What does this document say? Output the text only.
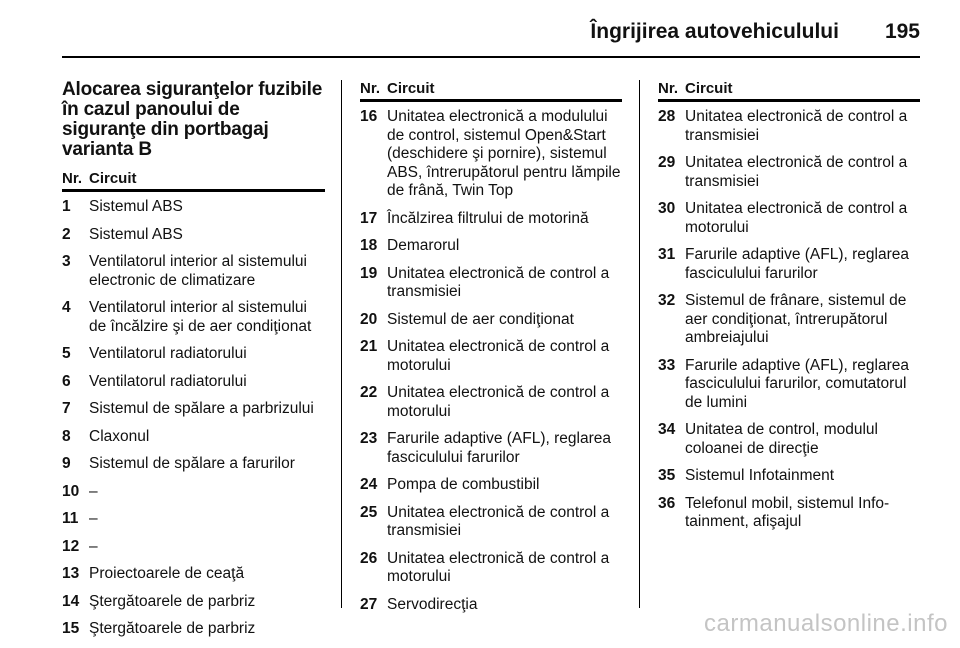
Îngrijirea autovehiculului 195
Alocarea siguranţelor fuzibile în cazul panoului de siguranţe din portbagaj varianta B
Nr. Circuit
1	Sistemul ABS
2	Sistemul ABS
3	Ventilatorul interior al sistemului electronic de climatizare
4	Ventilatorul interior al sistemului de încălzire şi de aer condiţionat
5	Ventilatorul radiatorului
6	Ventilatorul radiatorului
7	Sistemul de spălare a parbrizului
8	Claxonul
9	Sistemul de spălare a farurilor
10	–
11	–
12	–
13	Proiectoarele de ceaţă
14	Ştergătoarele de parbriz
15	Ştergătoarele de parbriz
Nr. Circuit
16	Unitatea electronică a modulului de control, sistemul Open&Start (deschidere şi pornire), sistemul ABS, întrerupătorul pentru lămpile de frână, Twin Top
17	Încălzirea filtrului de motorină
18	Demarorul
19	Unitatea electronică de control a transmisiei
20	Sistemul de aer condiţionat
21	Unitatea electronică de control a motorului
22	Unitatea electronică de control a motorului
23	Farurile adaptive (AFL), reglarea fasciculului farurilor
24	Pompa de combustibil
25	Unitatea electronică de control a transmisiei
26	Unitatea electronică de control a motorului
27	Servodirecţia
Nr. Circuit
28	Unitatea electronică de control a transmisiei
29	Unitatea electronică de control a transmisiei
30	Unitatea electronică de control a motorului
31	Farurile adaptive (AFL), reglarea fasciculului farurilor
32	Sistemul de frânare, sistemul de aer condiţionat, întrerupătorul ambreiajului
33	Farurile adaptive (AFL), reglarea fasciculului farurilor, comutatorul de lumini
34	Unitatea de control, modulul coloanei de direcţie
35	Sistemul Infotainment
36	Telefonul mobil, sistemul Info-tainment, afişajul
carmanualsonline.info
